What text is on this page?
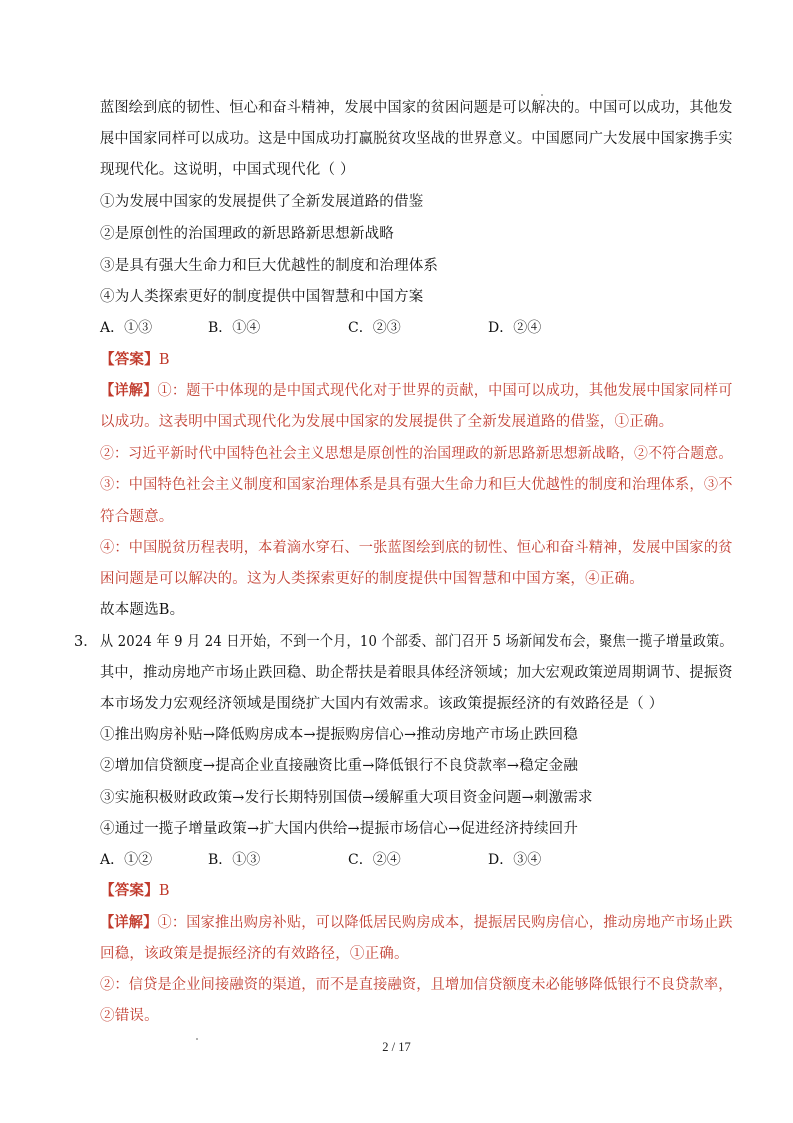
蓝图绘到底的韧性、恒心和奋斗精神，发展中国家的贫困问题是可以解决的。中国可以成功，其他发
展中国家同样可以成功。这是中国成功打赢脱贫攻坚战的世界意义。中国愿同广大发展中国家携手实
现现代化。这说明，中国式现代化（ ）
①为发展中国家的发展提供了全新发展道路的借鉴
②是原创性的治国理政的新思路新思想新战略
③是具有强大生命力和巨大优越性的制度和治理体系
④为人类探索更好的制度提供中国智慧和中国方案
A．①③	B．①④	C．②③	D．②④
【答案】B
【详解】①：题干中体现的是中国式现代化对于世界的贡献，中国可以成功，其他发展中国家同样可
以成功。这表明中国式现代化为发展中国家的发展提供了全新发展道路的借鉴，①正确。
②：习近平新时代中国特色社会主义思想是原创性的治国理政的新思路新思想新战略，②不符合题意。
③：中国特色社会主义制度和国家治理体系是具有强大生命力和巨大优越性的制度和治理体系，③不
符合题意。
④：中国脱贫历程表明，本着滴水穿石、一张蓝图绘到底的韧性、恒心和奋斗精神，发展中国家的贫
困问题是可以解决的。这为人类探索更好的制度提供中国智慧和中国方案，④正确。
故本题选B。
3． 从 2024 年 9 月 24 日开始，不到一个月，10 个部委、部门召开 5 场新闻发布会，聚焦一揽子增量政策。
其中，推动房地产市场止跌回稳、助企帮扶是着眼具体经济领域；加大宏观政策逆周期调节、提振资
本市场发力宏观经济领域是围绕扩大国内有效需求。该政策提振经济的有效路径是（ ）
①推出购房补贴→降低购房成本→提振购房信心→推动房地产市场止跌回稳
②增加信贷额度→提高企业直接融资比重→降低银行不良贷款率→稳定金融
③实施积极财政政策→发行长期特别国债→缓解重大项目资金问题→刺激需求
④通过一揽子增量政策→扩大国内供给→提振市场信心→促进经济持续回升
A．①②	B．①③	C．②④	D．③④
【答案】B
【详解】①：国家推出购房补贴，可以降低居民购房成本，提振居民购房信心，推动房地产市场止跌
回稳，该政策是提振经济的有效路径，①正确。
②：信贷是企业间接融资的渠道，而不是直接融资，且增加信贷额度未必能够降低银行不良贷款率，
②错误。
2 / 17
